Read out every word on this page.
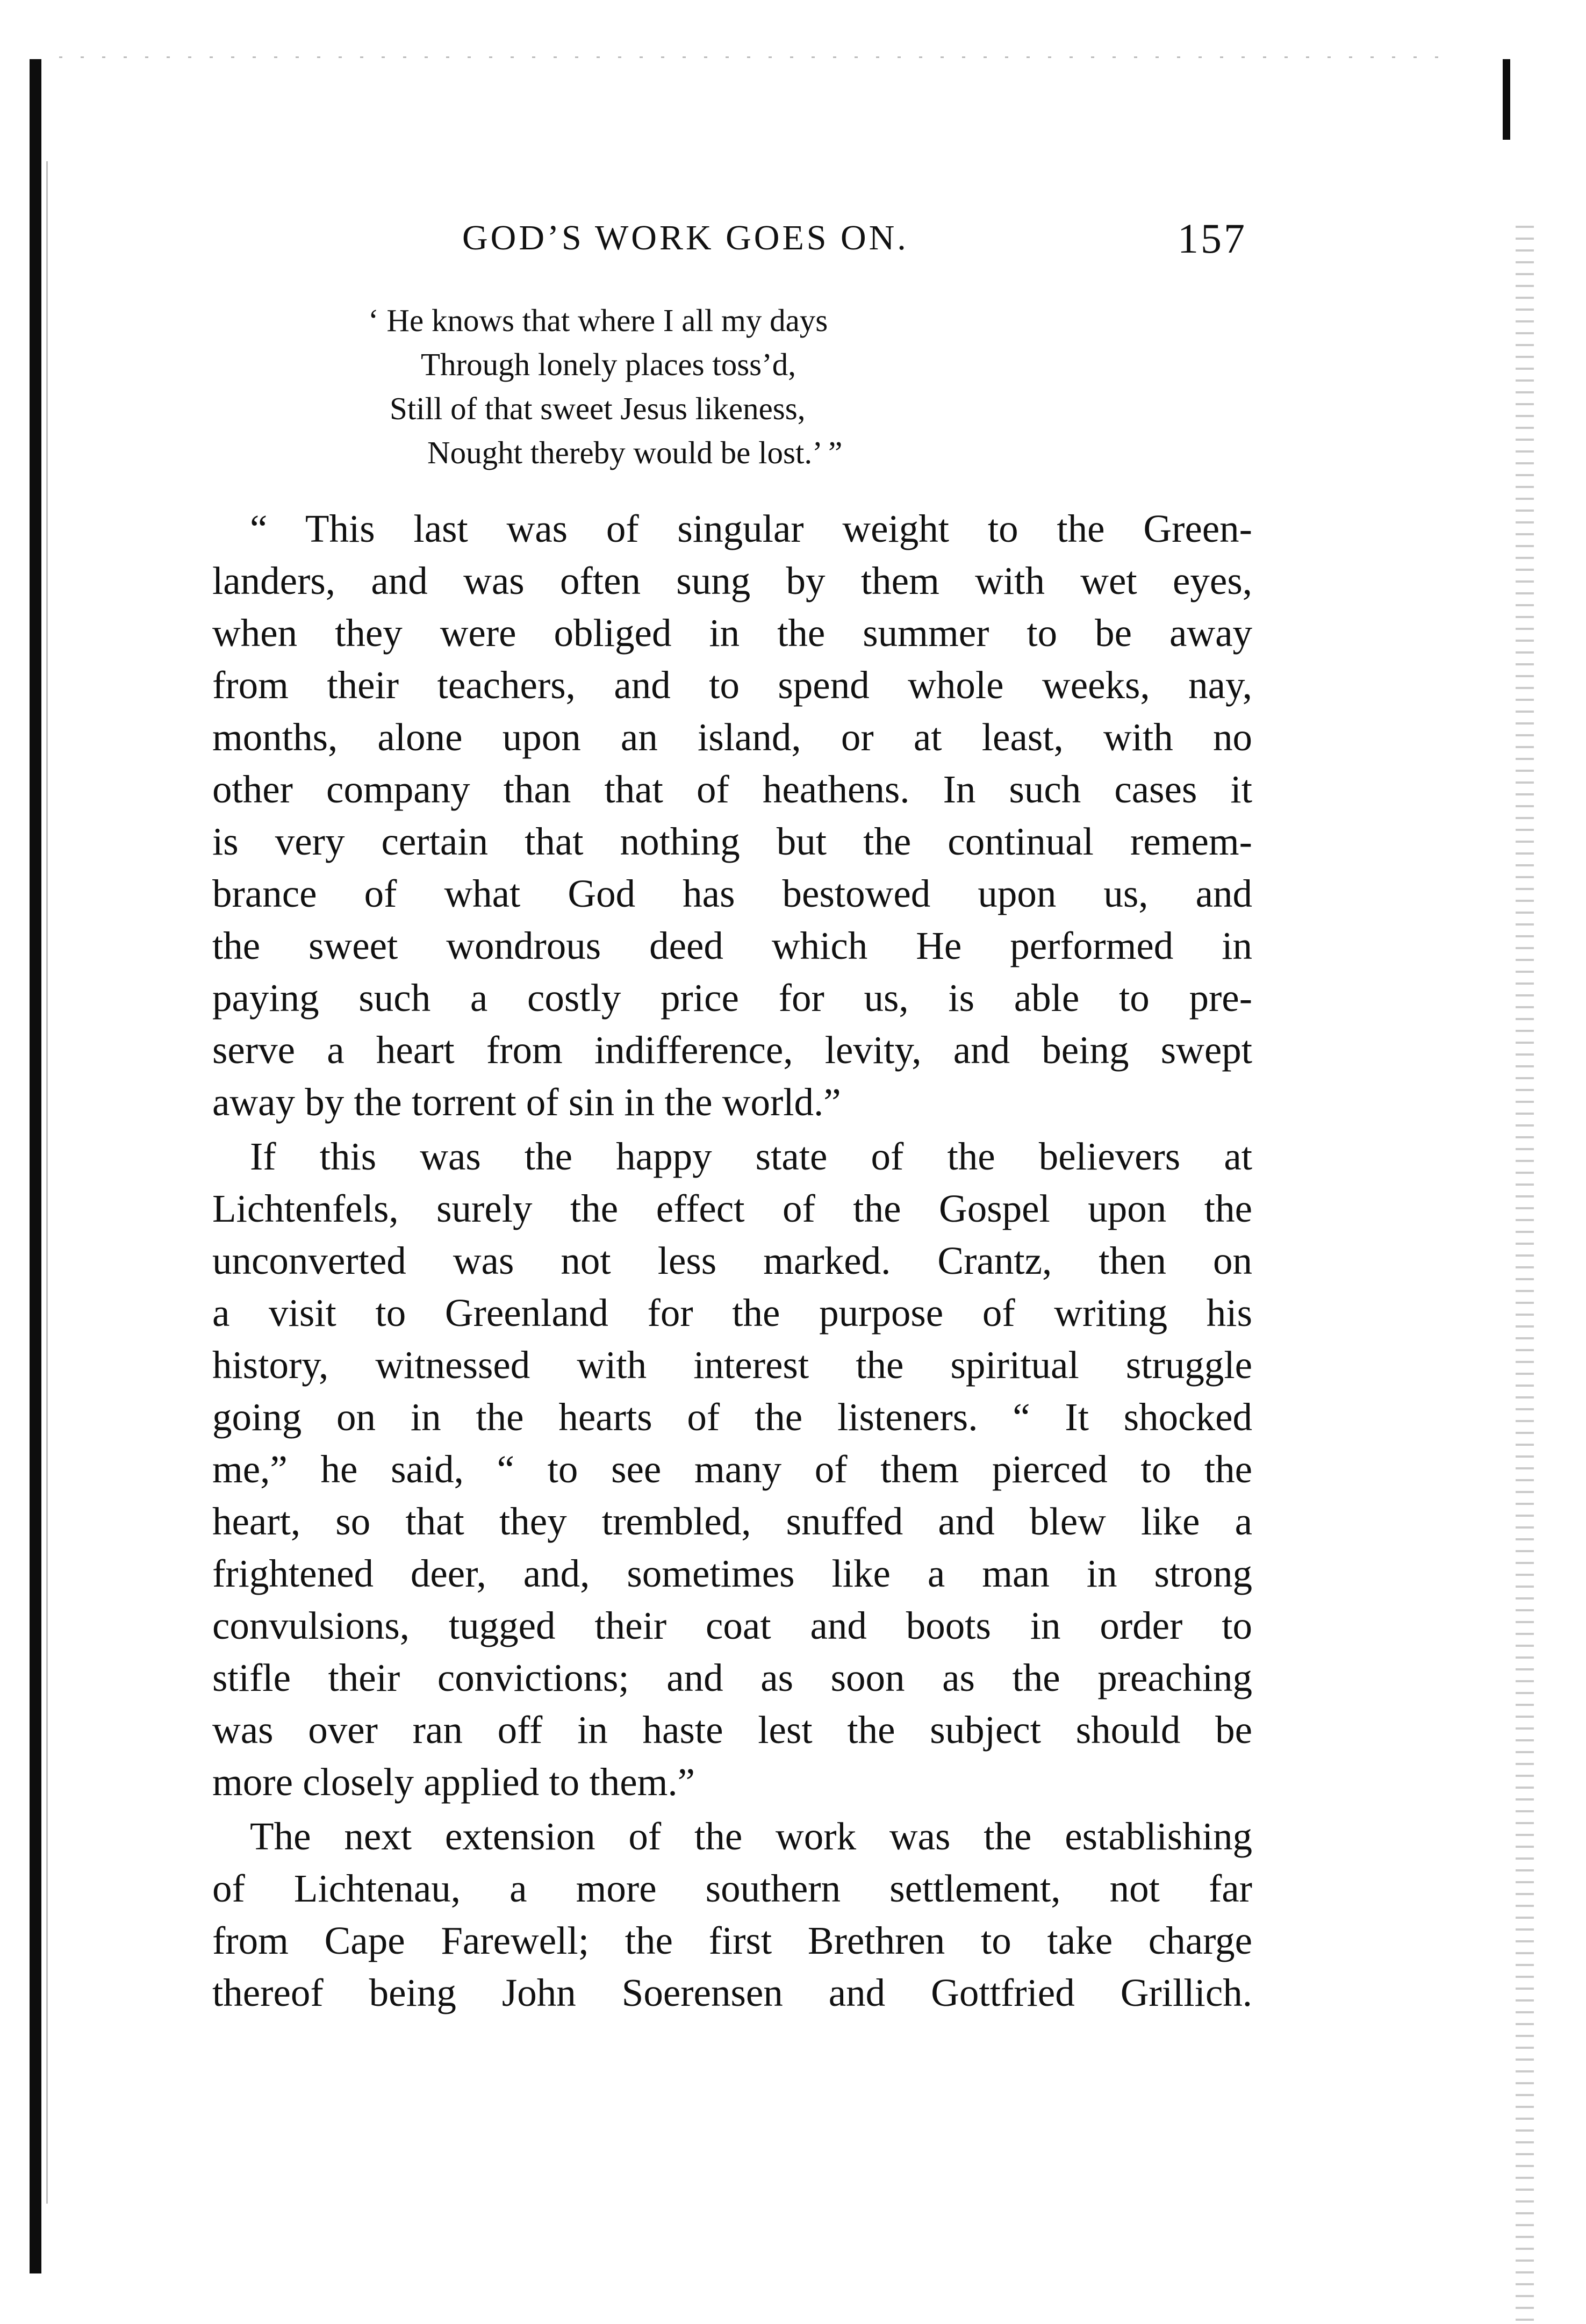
GOD’S WORK GOES ON.	157
‘ He knows that where I all my days
Through lonely places toss’d,
Still of that sweet Jesus likeness,
Nought thereby would be lost.’ ”
“ This last was of singular weight to the Green-
landers, and was often sung by them with wet eyes,
when they were obliged in the summer to be away
from their teachers, and to spend whole weeks, nay,
months, alone upon an island, or at least, with no
other company than that of heathens. In such cases it
is very certain that nothing but the continual remem-
brance of what God has bestowed upon us, and
the sweet wondrous deed which He performed in
paying such a costly price for us, is able to pre-
serve a heart from indifference, levity, and being swept
away by the torrent of sin in the world.”
If this was the happy state of the believers at
Lichtenfels, surely the effect of the Gospel upon the
unconverted was not less marked. Crantz, then on
a visit to Greenland for the purpose of writing his
history, witnessed with interest the spiritual struggle
going on in the hearts of the listeners. “ It shocked
me,” he said, “ to see many of them pierced to the
heart, so that they trembled, snuffed and blew like a
frightened deer, and, sometimes like a man in strong
convulsions, tugged their coat and boots in order to
stifle their convictions; and as soon as the preaching
was over ran off in haste lest the subject should be
more closely applied to them.”
The next extension of the work was the establishing
of Lichtenau, a more southern settlement, not far
from Cape Farewell; the first Brethren to take charge
thereof being John Soerensen and Gottfried Grillich.
